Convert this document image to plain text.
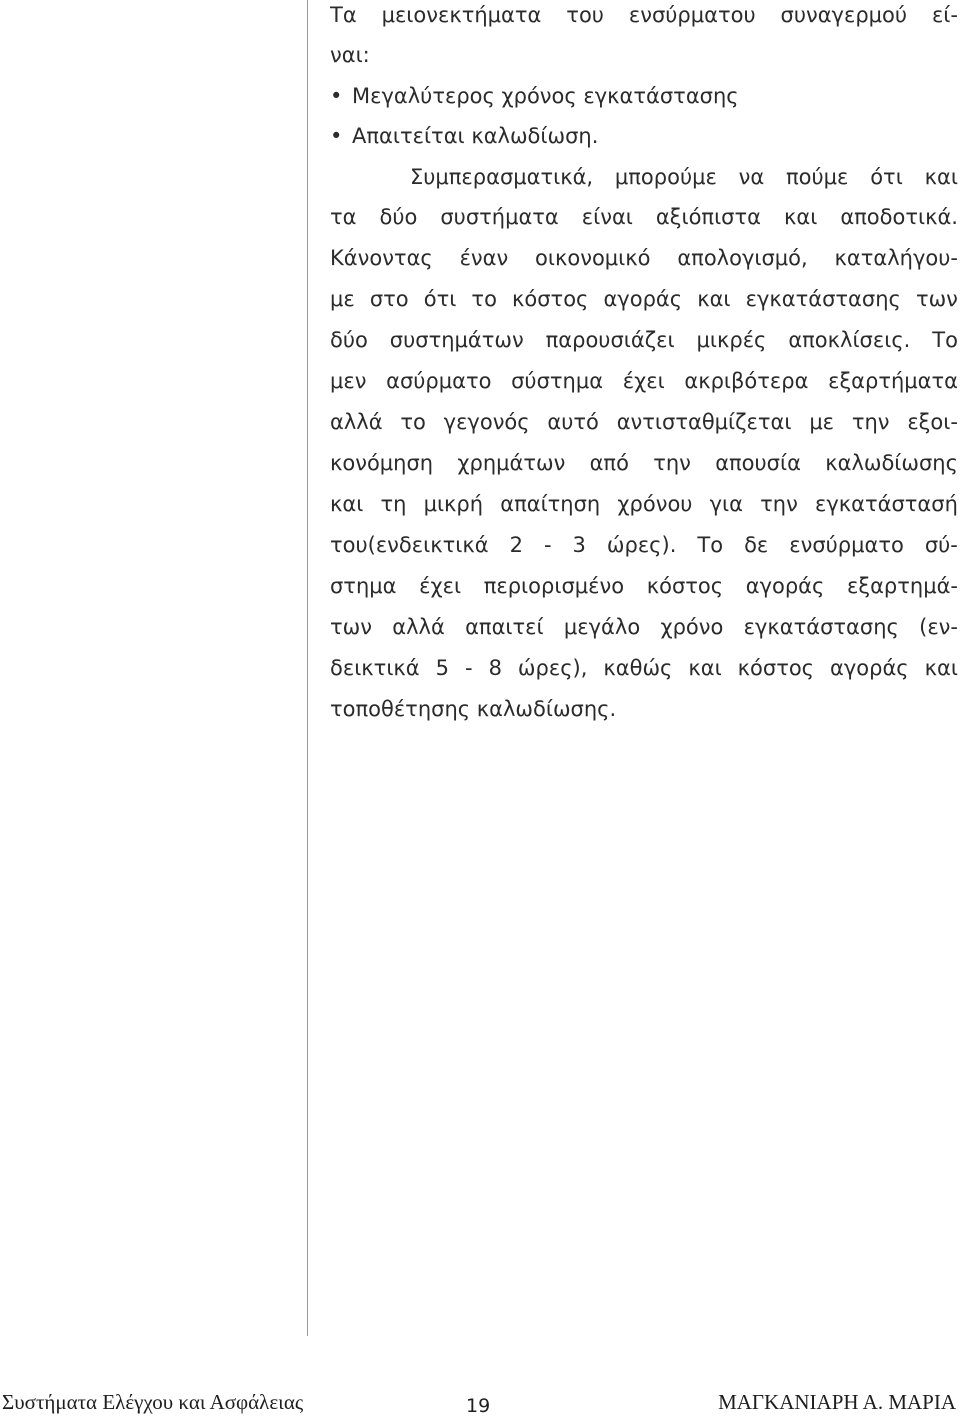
Τα μειονεκτήματα του ενσύρματου συναγερμού εί-
ναι:
• Μεγαλύτερος χρόνος εγκατάστασης
• Απαιτείται καλωδίωση.
Συμπερασματικά, μπορούμε να πούμε ότι και
τα δύο συστήματα είναι αξιόπιστα και αποδοτικά.
Κάνοντας έναν οικονομικό απολογισμό, καταλήγου-
με στο ότι το κόστος αγοράς και εγκατάστασης των
δύο συστημάτων παρουσιάζει μικρές αποκλίσεις. Το
μεν ασύρματο σύστημα έχει ακριβότερα εξαρτήματα
αλλά το γεγονός αυτό αντισταθμίζεται με την εξοι-
κονόμηση χρημάτων από την απουσία καλωδίωσης
και τη μικρή απαίτηση χρόνου για την εγκατάστασή
του(ενδεικτικά 2 - 3 ώρες). Το δε ενσύρματο σύ-
στημα έχει περιορισμένο κόστος αγοράς εξαρτημά-
των αλλά απαιτεί μεγάλο χρόνο εγκατάστασης (εν-
δεικτικά 5 - 8 ώρες), καθώς και κόστος αγοράς και
τοποθέτησης καλωδίωσης.
Συστήματα Ελέγχου και Ασφάλειας	19	ΜΑΓΚΑΝΙΑΡΗ Α. ΜΑΡΙΑ
